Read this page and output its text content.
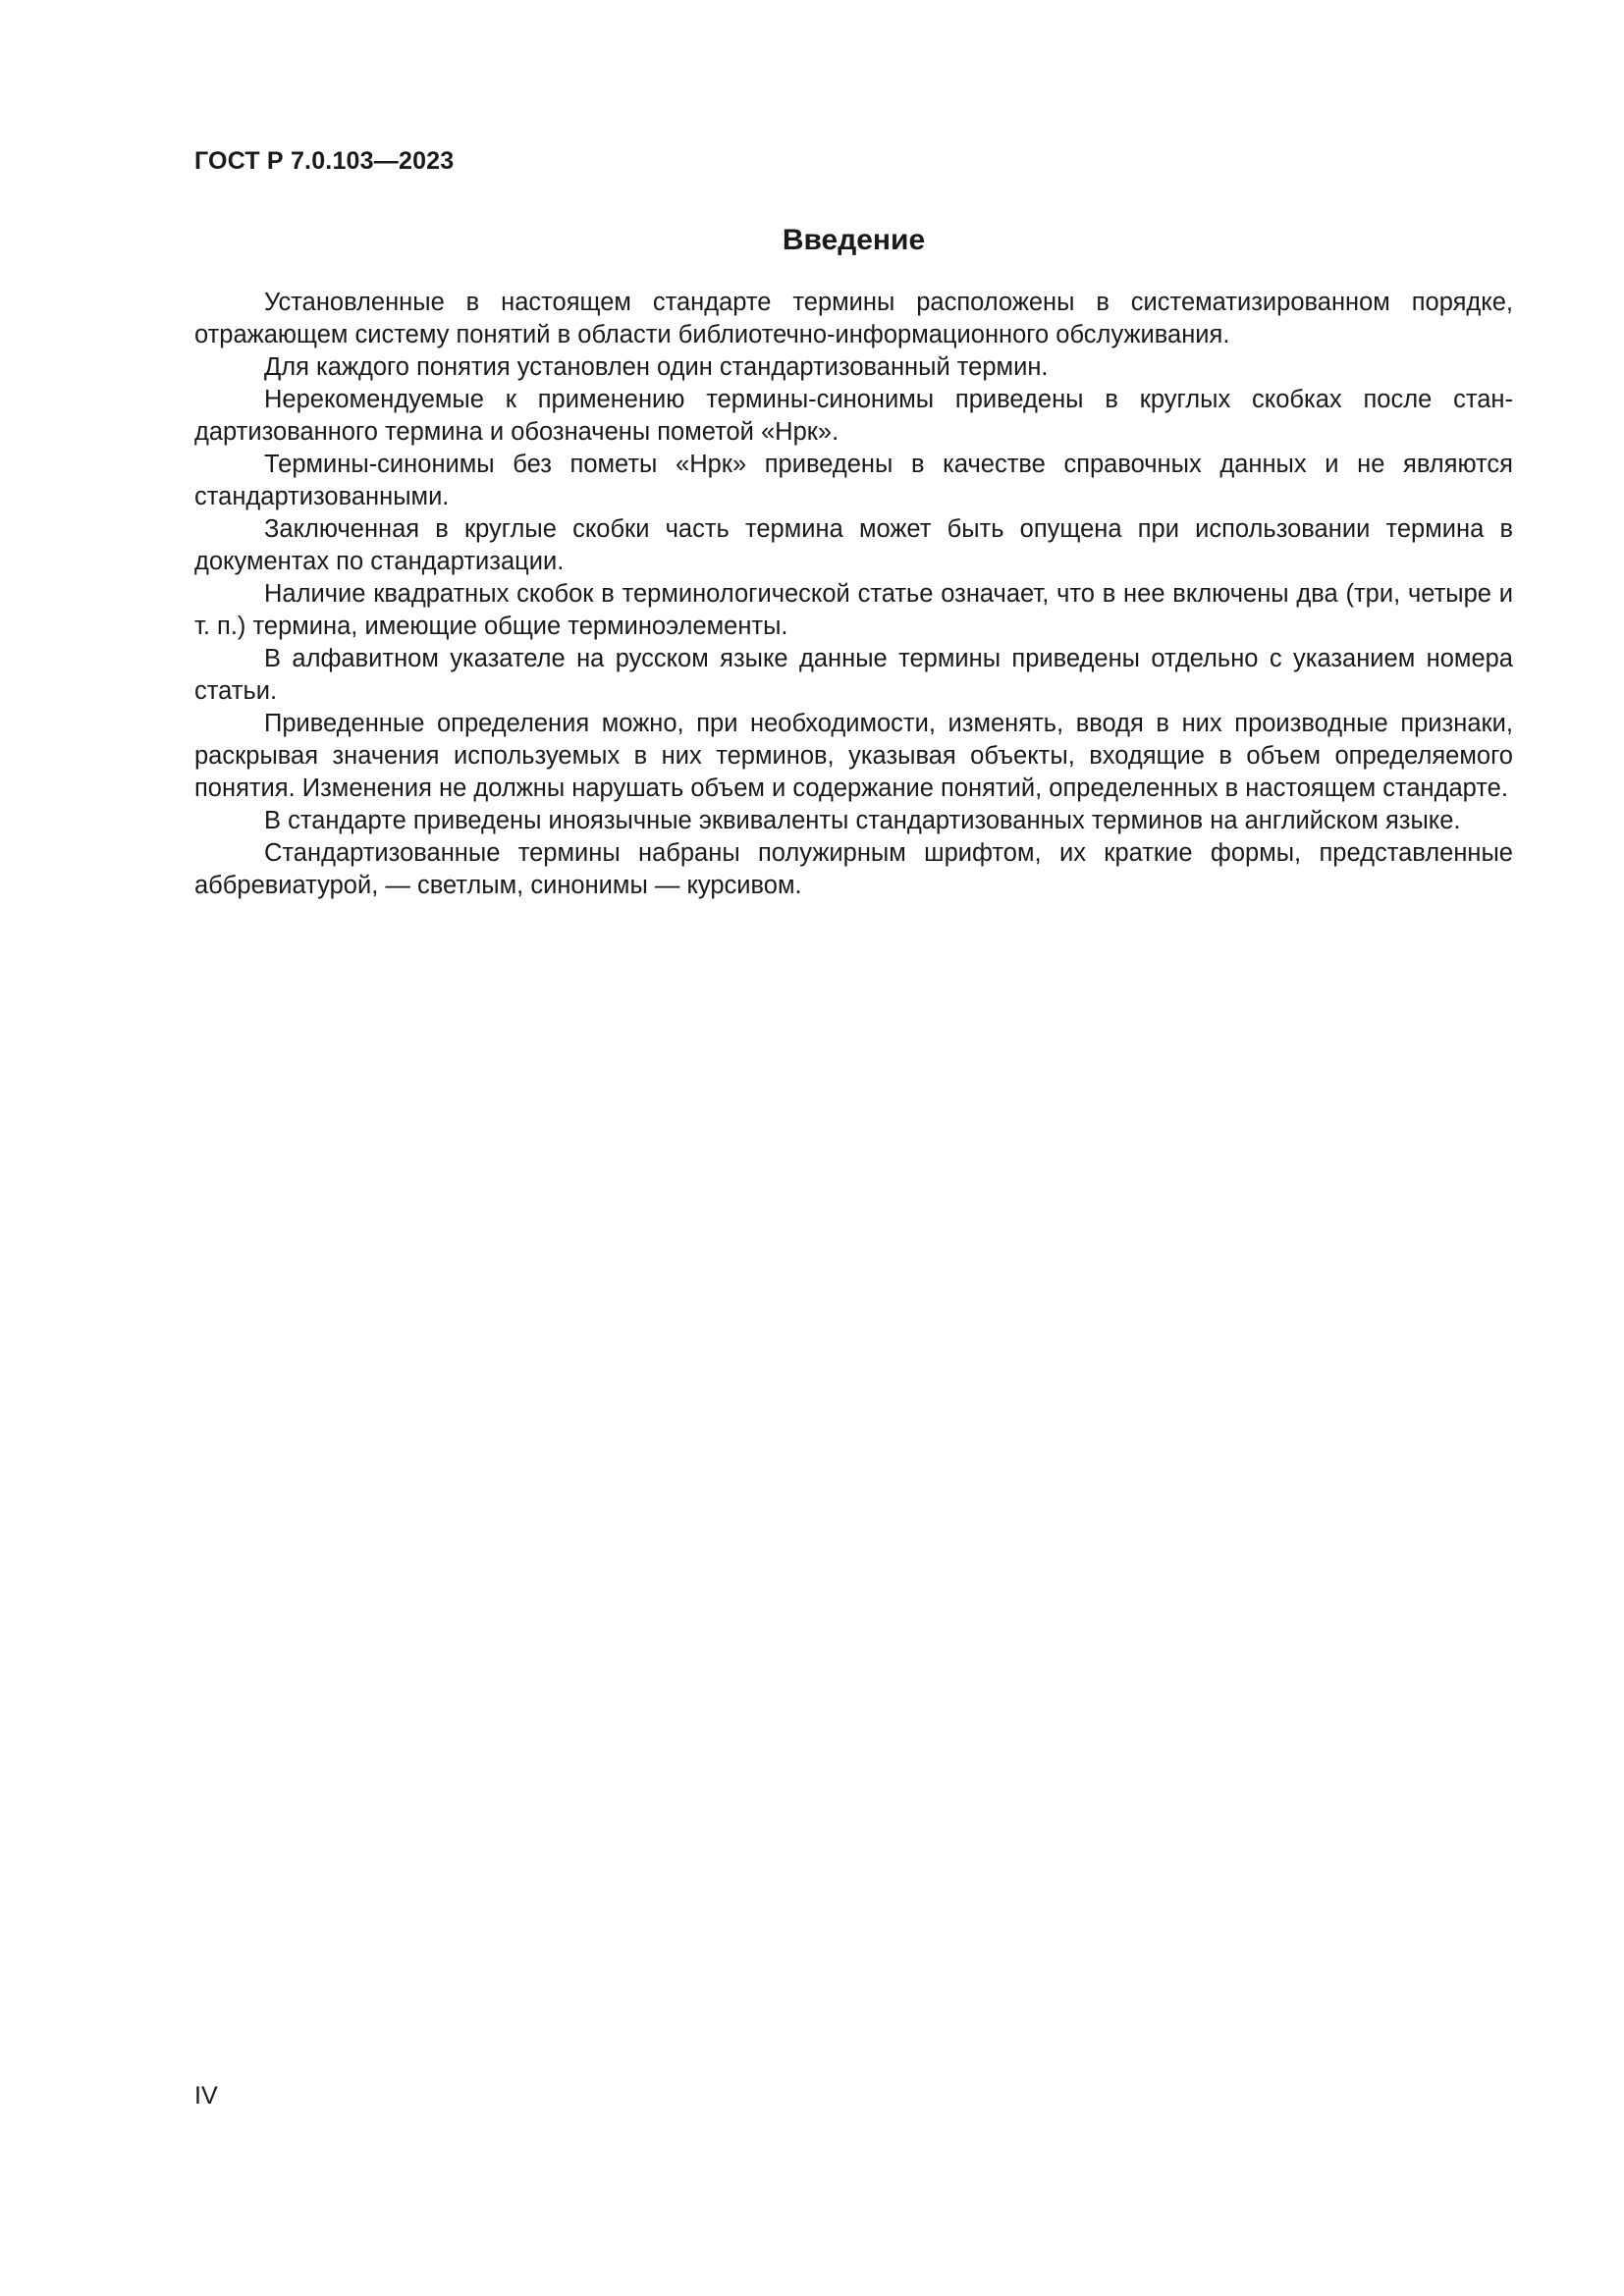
ГОСТ Р 7.0.103—2023
Введение

Установленные в настоящем стандарте термины расположены в систематизированном порядке, отражающем систему понятий в области библиотечно-информационного обслуживания.

Для каждого понятия установлен один стандартизованный термин.

Нерекомендуемые к применению термины-синонимы приведены в круглых скобках после стандартизованного термина и обозначены пометой «Нрк».

Термины-синонимы без пометы «Нрк» приведены в качестве справочных данных и не являются стандартизованными.

Заключенная в круглые скобки часть термина может быть опущена при использовании термина в документах по стандартизации.

Наличие квадратных скобок в терминологической статье означает, что в нее включены два (три, четыре и т. п.) термина, имеющие общие терминоэлементы.

В алфавитном указателе на русском языке данные термины приведены отдельно с указанием номера статьи.

Приведенные определения можно, при необходимости, изменять, вводя в них производные признаки, раскрывая значения используемых в них терминов, указывая объекты, входящие в объем определяемого понятия. Изменения не должны нарушать объем и содержание понятий, определенных в настоящем стандарте.

В стандарте приведены иноязычные эквиваленты стандартизованных терминов на английском языке.

Стандартизованные термины набраны полужирным шрифтом, их краткие формы, представленные аббревиатурой, — светлым, синонимы — курсивом.

IV
